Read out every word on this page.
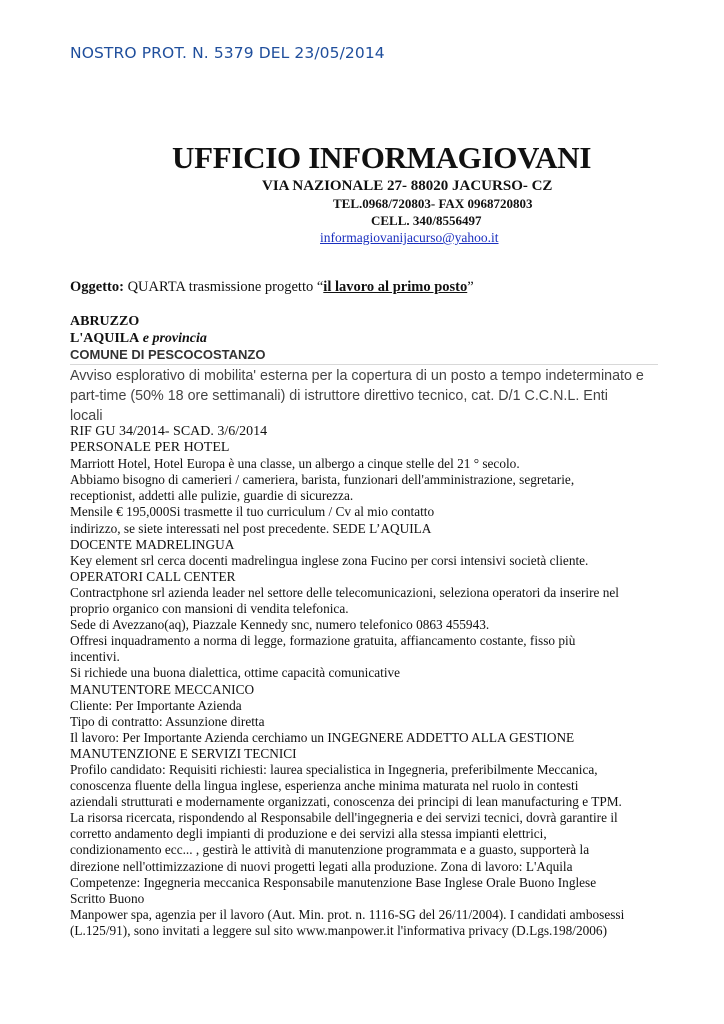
NOSTRO PROT. N. 5379 DEL 23/05/2014
UFFICIO INFORMAGIOVANI
VIA NAZIONALE 27- 88020 JACURSO- CZ
TEL.0968/720803- FAX 0968720803
CELL. 340/8556497
informagiovanijacurso@yahoo.it
Oggetto: QUARTA trasmissione progetto “il lavoro al primo posto”
ABRUZZO
L'AQUILA e provincia
COMUNE DI PESCOCOSTANZO
Avviso esplorativo di mobilita' esterna per la copertura di un posto a tempo indeterminato e
part-time (50% 18 ore settimanali) di istruttore direttivo tecnico, cat. D/1 C.C.N.L. Enti
locali
RIF GU 34/2014- SCAD. 3/6/2014
PERSONALE PER HOTEL
Marriott Hotel, Hotel Europa è una classe, un albergo a cinque stelle del 21 ° secolo.
Abbiamo bisogno di camerieri / cameriera, barista, funzionari dell'amministrazione, segretarie,
receptionist, addetti alle pulizie, guardie di sicurezza.
Mensile € 195,000Si trasmette il tuo curriculum / Cv al mio contatto
indirizzo, se siete interessati nel post precedente. SEDE L’AQUILA
DOCENTE MADRELINGUA
Key element srl cerca docenti madrelingua inglese zona Fucino per corsi intensivi società cliente.
OPERATORI CALL CENTER
Contractphone srl azienda leader nel settore delle telecomunicazioni, seleziona operatori da inserire nel
proprio organico con mansioni di vendita telefonica.
Sede di Avezzano(aq), Piazzale Kennedy snc, numero telefonico 0863 455943.
Offresi inquadramento a norma di legge, formazione gratuita, affiancamento costante, fisso più
incentivi.
Si richiede una buona dialettica, ottime capacità comunicative
MANUTENTORE MECCANICO
Cliente: Per Importante Azienda
Tipo di contratto: Assunzione diretta
Il lavoro: Per Importante Azienda cerchiamo un INGEGNERE ADDETTO ALLA GESTIONE
MANUTENZIONE E SERVIZI TECNICI
Profilo candidato: Requisiti richiesti: laurea specialistica in Ingegneria, preferibilmente Meccanica,
conoscenza fluente della lingua inglese, esperienza anche minima maturata nel ruolo in contesti
aziendali strutturati e modernamente organizzati, conoscenza dei principi di lean manufacturing e TPM.
La risorsa ricercata, rispondendo al Responsabile dell'ingegneria e dei servizi tecnici, dovrà garantire il
corretto andamento degli impianti di produzione e dei servizi alla stessa impianti elettrici,
condizionamento ecc... , gestirà le attività di manutenzione programmata e a guasto, supporterà la
direzione nell'ottimizzazione di nuovi progetti legati alla produzione. Zona di lavoro: L'Aquila
Competenze: Ingegneria meccanica Responsabile manutenzione Base Inglese Orale Buono Inglese
Scritto Buono
Manpower spa, agenzia per il lavoro (Aut. Min. prot. n. 1116-SG del 26/11/2004). I candidati ambosessi
(L.125/91), sono invitati a leggere sul sito www.manpower.it l'informativa privacy (D.Lgs.198/2006)
